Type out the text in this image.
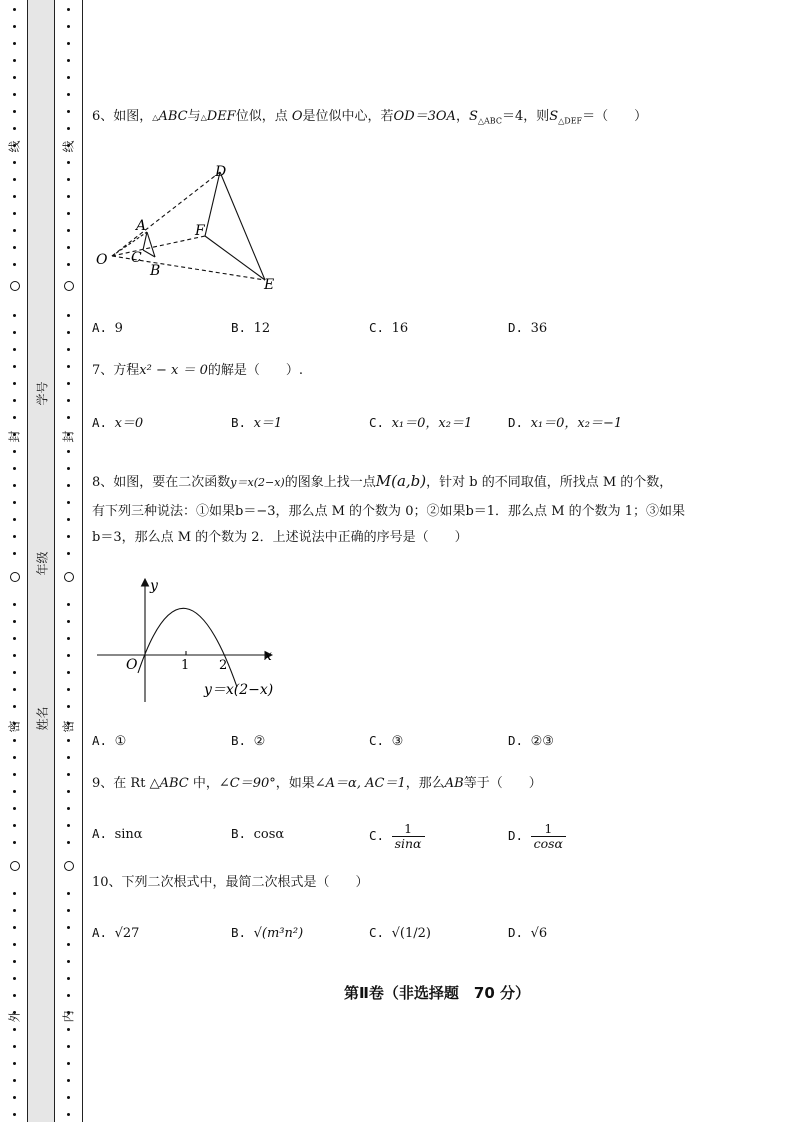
线
封
密
外
线
封
密
内
学号
年级
姓名
6、如图，△ABC与△DEF位似，点 O是位似中心，若OD＝3OA，$S_{\triangle ABC}=4$，则$S_{\triangle DEF}=$（　　）
D
A	F
O C
B
E
A. 9	B. 12	C. 16	D. 36
7、方程x² − x ＝ 0的解是（　　）.
A. x＝0	B. x＝1	C. x₁＝0，x₂＝1	D. x₁＝0，x₂＝−1
8、如图，要在二次函数y＝x(2−x)的图象上找一点M(a,b)，针对 b 的不同取值，所找点 M 的个数，
有下列三种说法：①如果b＝−3，那么点 M 的个数为 0；②如果b＝1．那么点 M 的个数为 1；③如果
b＝3，那么点 M 的个数为 2．上述说法中正确的序号是（　　）
y
x
O	1 2
y＝x(2−x)
A. ①	B. ②	C. ③	D. ②③
9、在 Rt △ABC 中，∠C＝90°，如果∠A＝α, AC＝1，那么AB等于（　　）
A. sinα	B. cosα	C. $\frac{1}{\sin\alpha}$	D. $\frac{1}{\cos\alpha}$
10、下列二次根式中，最简二次根式是（　　）
A. √27	B. √(m³n²)	C. √(1/2)	D. √6
第Ⅱ卷（非选择题　70 分）
